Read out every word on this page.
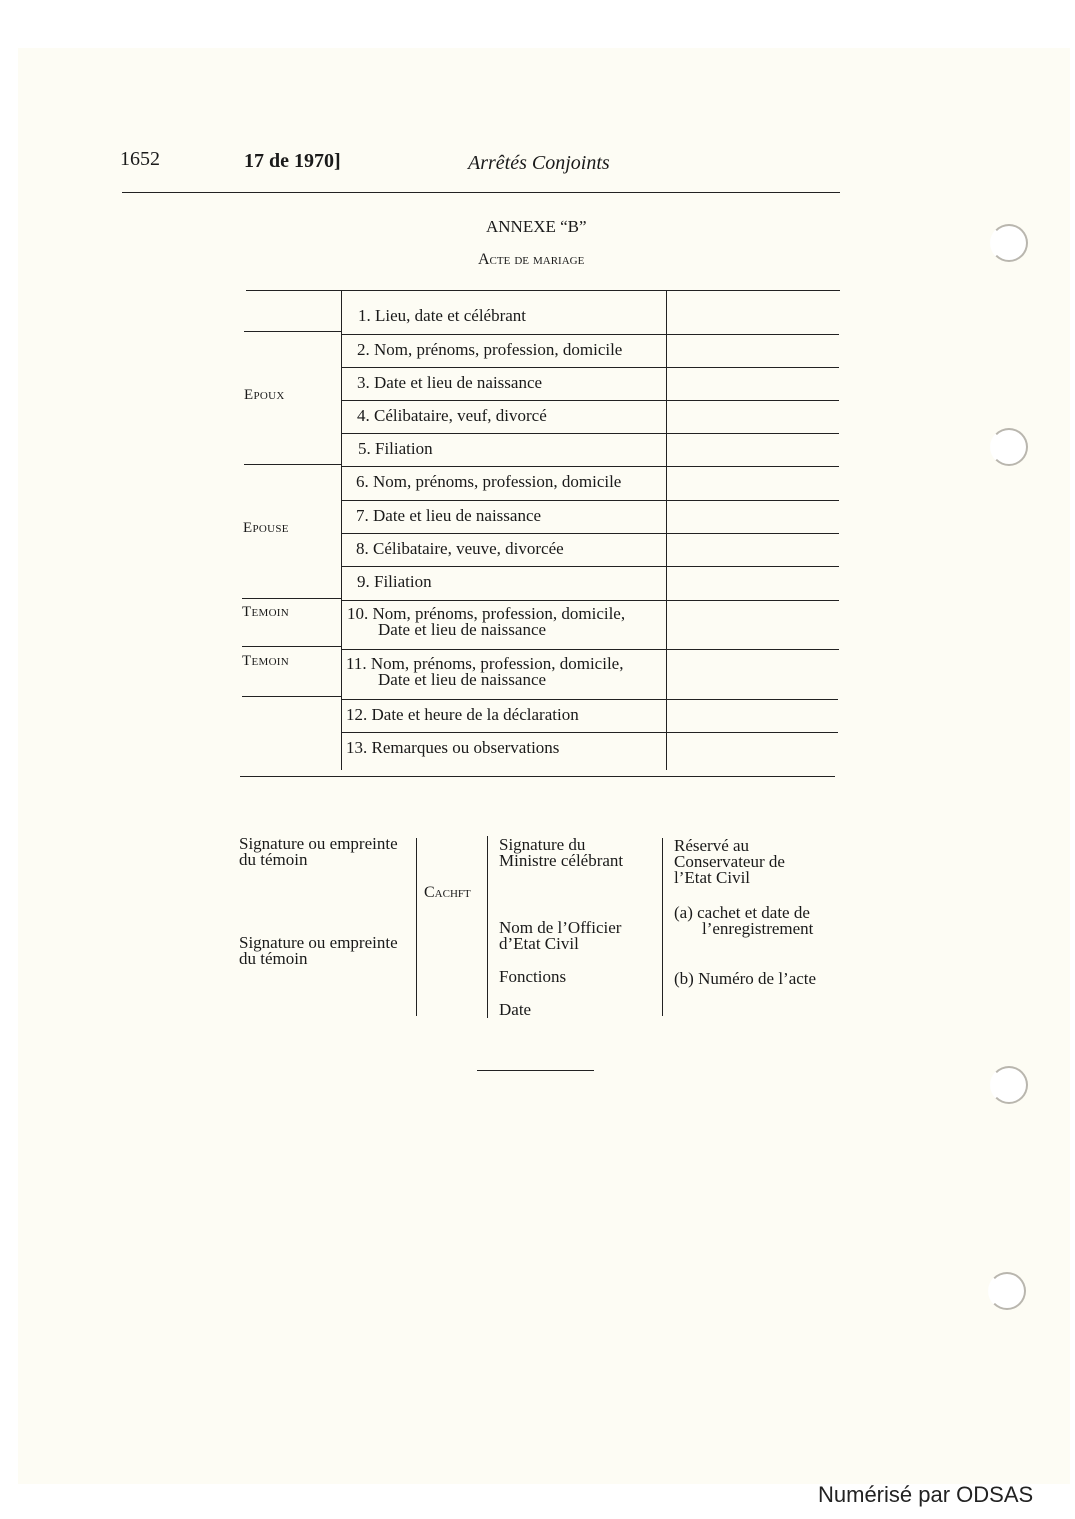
1652	17 de 1970]	Arrêtés Conjoints
ANNEXE “B”
Acte de mariage
Epoux
Epouse
Temoin
Temoin
1. Lieu, date et célébrant
2. Nom, prénoms, profession, domicile
3. Date et lieu de naissance
4. Célibataire, veuf, divorcé
5. Filiation
6. Nom, prénoms, profession, domicile
7. Date et lieu de naissance
8. Célibataire, veuve, divorcée
9. Filiation
10. Nom, prénoms, profession, domicile,
Date et lieu de naissance
11. Nom, prénoms, profession, domicile,
Date et lieu de naissance
12. Date et heure de la déclaration
13. Remarques ou observations
Signature ou empreinte
du témoin
Signature ou empreinte
du témoin
Cachft
Signature du
Ministre célébrant
Nom de l’Officier
d’Etat Civil
Fonctions
Date
Réservé au
Conservateur de
l’Etat Civil
(a) cachet et date de
l’enregistrement
(b) Numéro de l’acte
Numérisé par ODSAS
